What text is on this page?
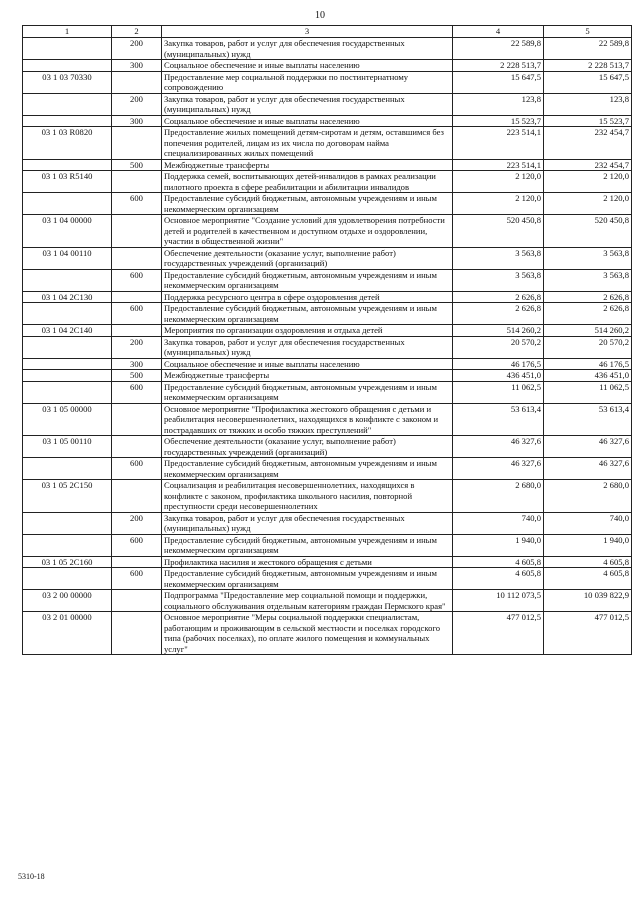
10
1	2	3	4	5
	200	Закупка товаров, работ и услуг для обеспечения государственных (муниципальных) нужд	22 589,8	22 589,8
	300	Социальное обеспечение и иные выплаты населению	2 228 513,7	2 228 513,7
03 1 03 70330		Предоставление мер социальной поддержки по постинтернатному сопровождению	15 647,5	15 647,5
	200	Закупка товаров, работ и услуг для обеспечения государственных (муниципальных) нужд	123,8	123,8
	300	Социальное обеспечение и иные выплаты населению	15 523,7	15 523,7
03 1 03 R0820		Предоставление жилых помещений детям-сиротам и детям, оставшимся без попечения родителей, лицам из их числа по договорам найма специализированных жилых помещений	223 514,1	232 454,7
	500	Межбюджетные трансферты	223 514,1	232 454,7
03 1 03 R5140		Поддержка семей, воспитывающих детей-инвалидов в рамках реализации пилотного проекта в сфере реабилитации и абилитации инвалидов	2 120,0	2 120,0
	600	Предоставление субсидий бюджетным, автономным учреждениям и иным некоммерческим организациям	2 120,0	2 120,0
03 1 04 00000		Основное мероприятие "Создание условий для удовлетворения потребности детей и родителей в качественном и доступном отдыхе и оздоровлении, участии в общественной жизни"	520 450,8	520 450,8
03 1 04 00110		Обеспечение деятельности (оказание услуг, выполнение работ) государственных учреждений (организаций)	3 563,8	3 563,8
	600	Предоставление субсидий бюджетным, автономным учреждениям и иным некоммерческим организациям	3 563,8	3 563,8
03 1 04 2С130		Поддержка ресурсного центра в сфере оздоровления детей	2 626,8	2 626,8
	600	Предоставление субсидий бюджетным, автономным учреждениям и иным некоммерческим организациям	2 626,8	2 626,8
03 1 04 2С140		Мероприятия по организации оздоровления и отдыха детей	514 260,2	514 260,2
	200	Закупка товаров, работ и услуг для обеспечения государственных (муниципальных) нужд	20 570,2	20 570,2
	300	Социальное обеспечение и иные выплаты населению	46 176,5	46 176,5
	500	Межбюджетные трансферты	436 451,0	436 451,0
	600	Предоставление субсидий бюджетным, автономным учреждениям и иным некоммерческим организациям	11 062,5	11 062,5
03 1 05 00000		Основное мероприятие "Профилактика жестокого обращения с детьми и реабилитация несовершеннолетних, находящихся в конфликте с законом и пострадавших от тяжких и особо тяжких преступлений"	53 613,4	53 613,4
03 1 05 00110		Обеспечение деятельности (оказание услуг, выполнение работ) государственных учреждений (организаций)	46 327,6	46 327,6
	600	Предоставление субсидий бюджетным, автономным учреждениям и иным некоммерческим организациям	46 327,6	46 327,6
03 1 05 2С150		Социализация и реабилитация несовершеннолетних, находящихся в конфликте с законом, профилактика школьного насилия, повторной преступности среди несовершеннолетних	2 680,0	2 680,0
	200	Закупка товаров, работ и услуг для обеспечения государственных (муниципальных) нужд	740,0	740,0
	600	Предоставление субсидий бюджетным, автономным учреждениям и иным некоммерческим организациям	1 940,0	1 940,0
03 1 05 2С160		Профилактика насилия и жестокого обращения с детьми	4 605,8	4 605,8
	600	Предоставление субсидий бюджетным, автономным учреждениям и иным некоммерческим организациям	4 605,8	4 605,8
03 2 00 00000		Подпрограмма "Предоставление мер социальной помощи и поддержки, социального обслуживания отдельным категориям граждан Пермского края"	10 112 073,5	10 039 822,9
03 2 01 00000		Основное мероприятие "Меры социальной поддержки специалистам, работающим и проживающим в сельской местности и поселках городского типа (рабочих поселках), по оплате жилого помещения и коммунальных услуг"	477 012,5	477 012,5
5310-18
